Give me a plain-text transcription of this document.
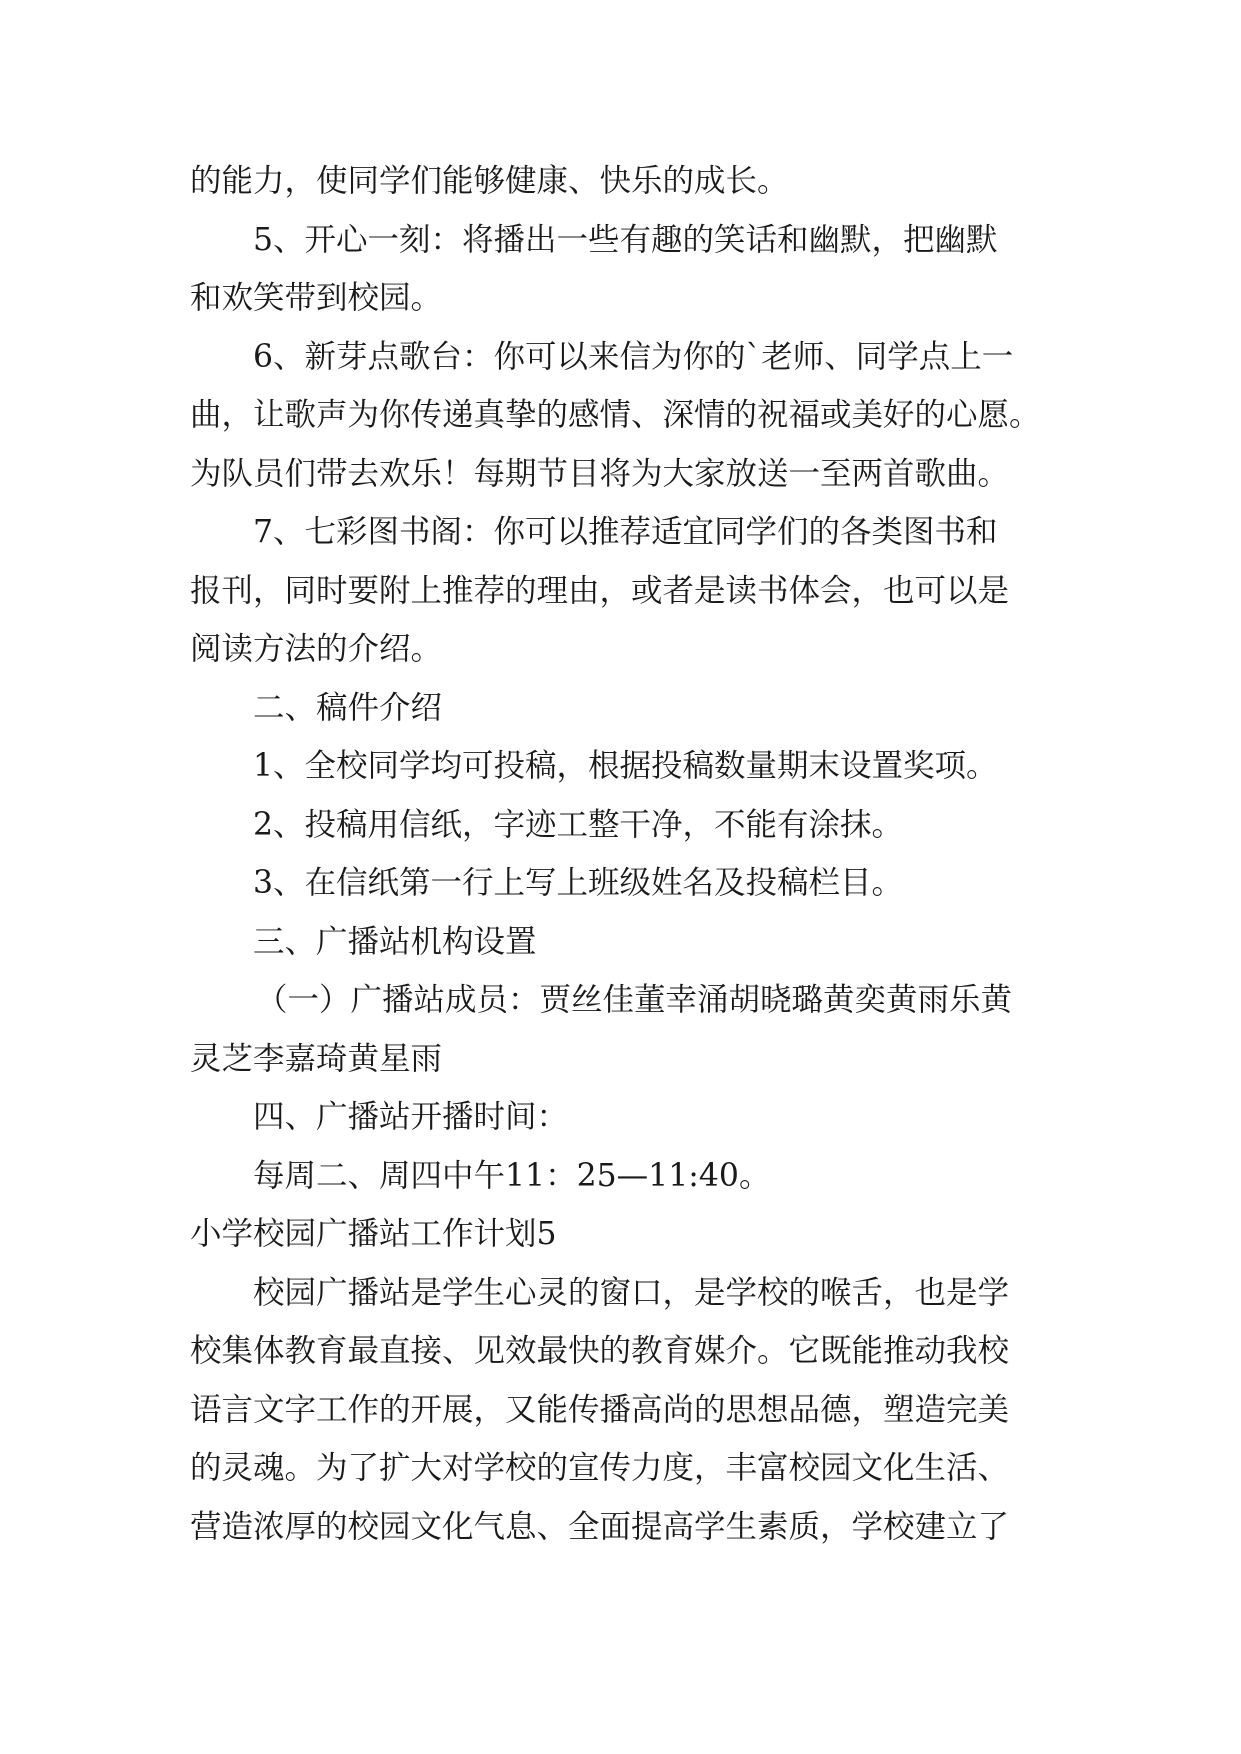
的能力，使同学们能够健康、快乐的成长。
5、开心一刻：将播出一些有趣的笑话和幽默，把幽默
和欢笑带到校园。
6、新芽点歌台：你可以来信为你的`老师、同学点上一
曲，让歌声为你传递真挚的感情、深情的祝福或美好的心愿。
为队员们带去欢乐！每期节目将为大家放送一至两首歌曲。
7、七彩图书阁：你可以推荐适宜同学们的各类图书和
报刊，同时要附上推荐的理由，或者是读书体会，也可以是
阅读方法的介绍。
二、稿件介绍
1、全校同学均可投稿，根据投稿数量期末设置奖项。
2、投稿用信纸，字迹工整干净，不能有涂抹。
3、在信纸第一行上写上班级姓名及投稿栏目。
三、广播站机构设置
（一）广播站成员：贾丝佳董幸涌胡晓璐黄奕黄雨乐黄
灵芝李嘉琦黄星雨
四、广播站开播时间：
每周二、周四中午11：25—11:40。
小学校园广播站工作计划5
校园广播站是学生心灵的窗口，是学校的喉舌，也是学
校集体教育最直接、见效最快的教育媒介。它既能推动我校
语言文字工作的开展，又能传播高尚的思想品德，塑造完美
的灵魂。为了扩大对学校的宣传力度，丰富校园文化生活、
营造浓厚的校园文化气息、全面提高学生素质，学校建立了
